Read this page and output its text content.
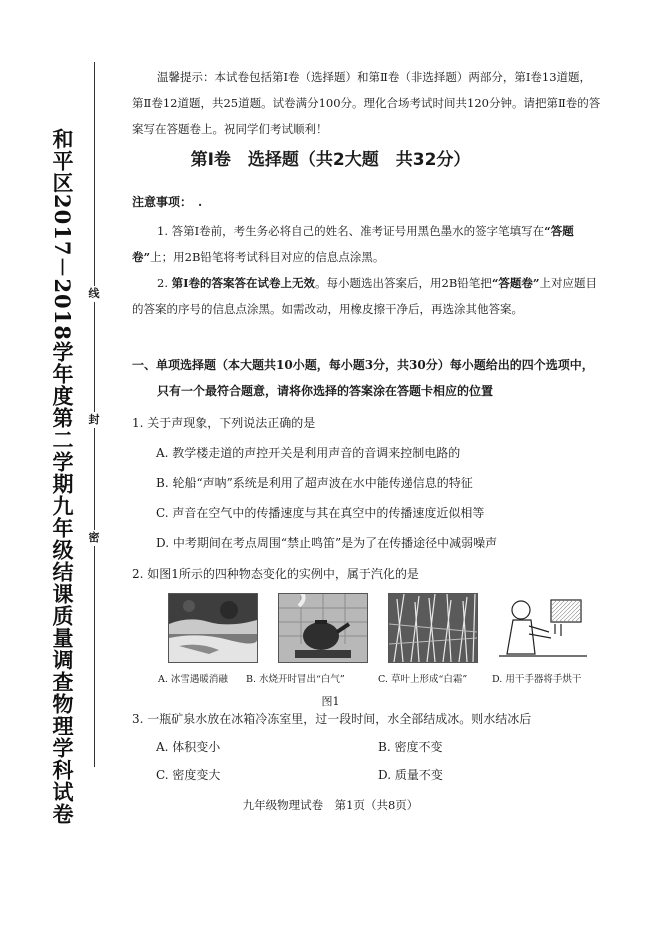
和平区2017－2018学年度第二学期九年级结课质量调查物理学科试卷 线
封
密
温馨提示：本试卷包括第Ⅰ卷（选择题）和第Ⅱ卷（非选择题）两部分，第Ⅰ卷13道题，第Ⅱ卷12道题，共25道题。试卷满分100分。理化合场考试时间共120分钟。请把第Ⅱ卷的答案写在答题卷上。祝同学们考试顺利！
第Ⅰ卷　选择题（共2大题　共32分）
注意事项：　.
1. 答第Ⅰ卷前，考生务必将自己的姓名、准考证号用黑色墨水的签字笔填写在“答题卷”上；用2B铅笔将考试科目对应的信息点涂黑。
2. 第Ⅰ卷的答案答在试卷上无效。每小题选出答案后，用2B铅笔把“答题卷”上对应题目的答案的序号的信息点涂黑。如需改动，用橡皮擦干净后，再选涂其他答案。
一、单项选择题（本大题共10小题，每小题3分，共30分）每小题给出的四个选项中，
只有一个最符合题意，请将你选择的答案涂在答题卡相应的位置
1. 关于声现象，下列说法正确的是
A. 教学楼走道的声控开关是利用声音的音调来控制电路的
B. 轮船“声呐”系统是利用了超声波在水中能传递信息的特征
C. 声音在空气中的传播速度与其在真空中的传播速度近似相等
D. 中考期间在考点周围“禁止鸣笛”是为了在传播途径中减弱噪声
2. 如图1所示的四种物态变化的实例中，属于汽化的是
A. 冰雪遇暖消融 B. 水烧开时冒出“白气”	C. 草叶上形成“白霜”	D. 用干手器将手烘干
图1
3. 一瓶矿泉水放在冰箱冷冻室里，过一段时间，水全部结成冰。则水结冰后
A. 体积变小	B. 密度不变
C. 密度变大	D. 质量不变
九年级物理试卷　第1页（共8页）
